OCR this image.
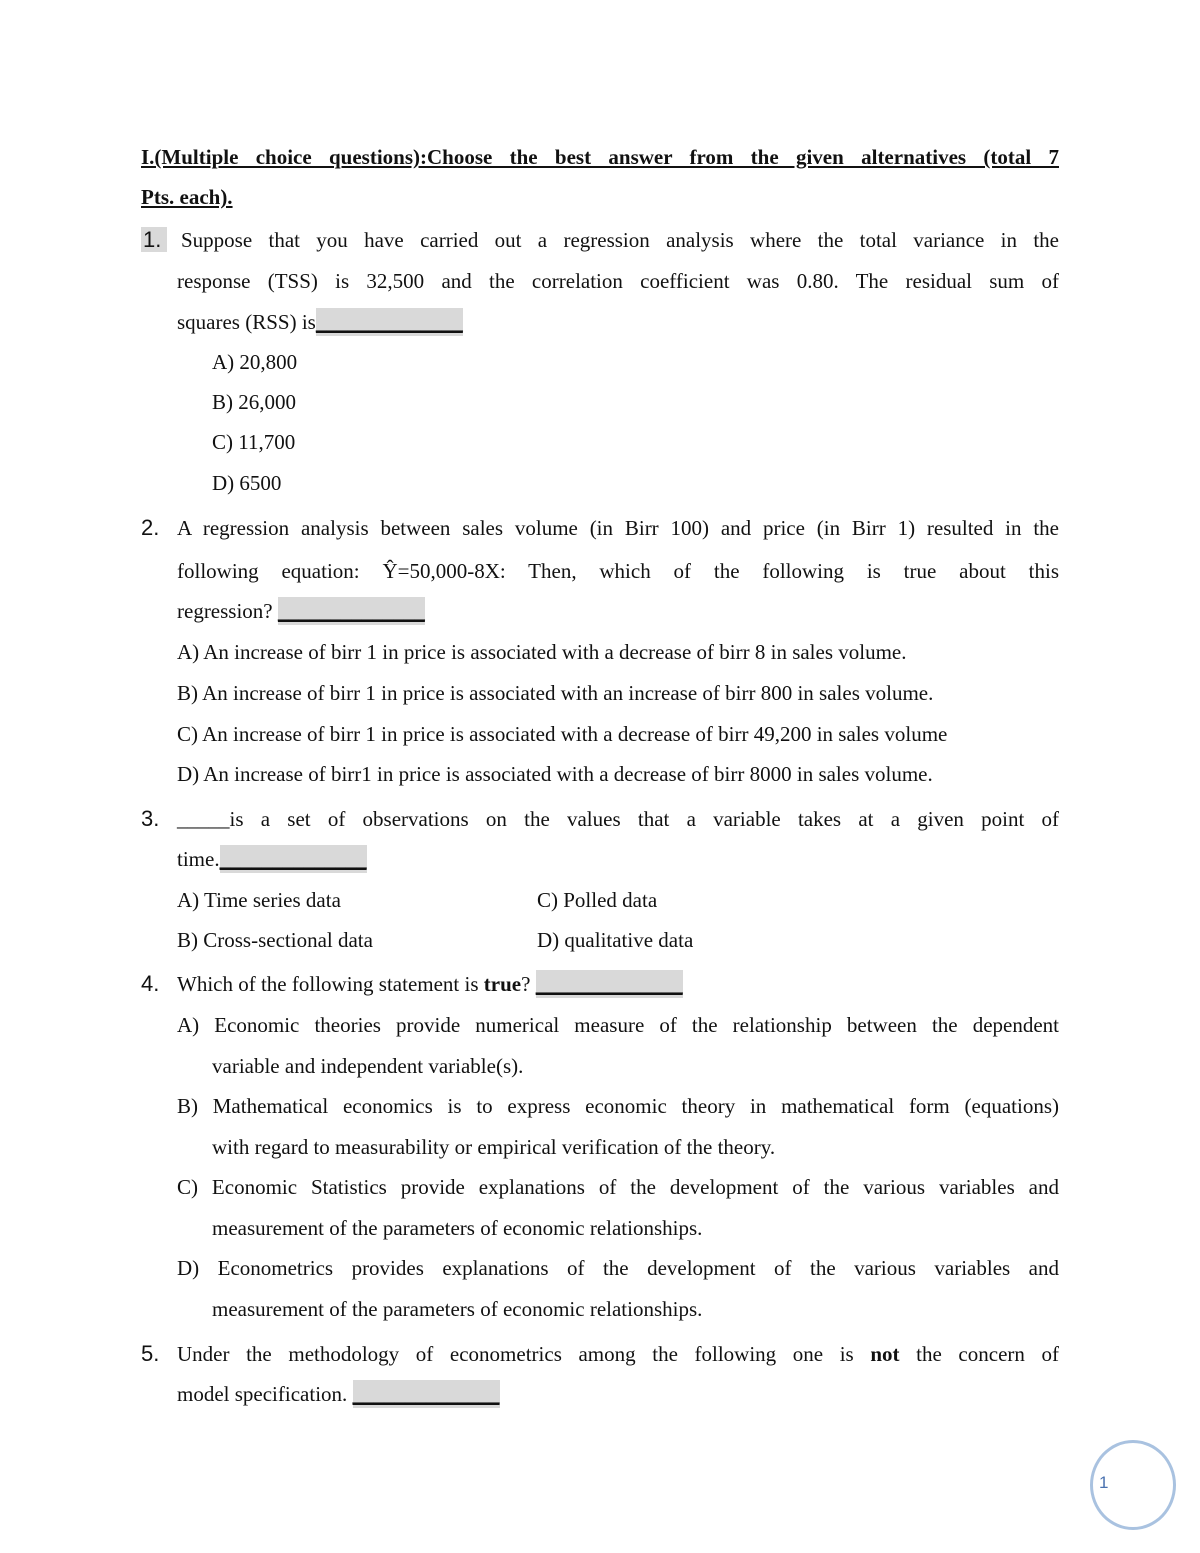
I.(Multiple choice questions):Choose the best answer from the given alternatives (total 7
Pts. each).
1. Suppose that you have carried out a regression analysis where the total variance in the
response (TSS) is 32,500 and the correlation coefficient was 0.80. The residual sum of
squares (RSS) is______________
A) 20,800
B) 26,000
C) 11,700
D) 6500
2. A regression analysis between sales volume (in Birr 100) and price (in Birr 1) resulted in the
following equation: Ŷ=50,000-8X: Then, which of the following is true about this
regression? ______________
A) An increase of birr 1 in price is associated with a decrease of birr 8 in sales volume.
B) An increase of birr 1 in price is associated with an increase of birr 800 in sales volume.
C) An increase of birr 1 in price is associated with a decrease of birr 49,200 in sales volume
D) An increase of birr1 in price is associated with a decrease of birr 8000 in sales volume.
3. _____is a set of observations on the values that a variable takes at a given point of
time.______________
A) Time series data	C) Polled data
B) Cross-sectional data	D) qualitative data
4. Which of the following statement is true? ______________
A) Economic theories provide numerical measure of the relationship between the dependent
variable and independent variable(s).
B) Mathematical economics is to express economic theory in mathematical form (equations)
with regard to measurability or empirical verification of the theory.
C) Economic Statistics provide explanations of the development of the various variables and
measurement of the parameters of economic relationships.
D) Econometrics provides explanations of the development of the various variables and
measurement of the parameters of economic relationships.
5. Under the methodology of econometrics among the following one is not the concern of
model specification. ______________
1
